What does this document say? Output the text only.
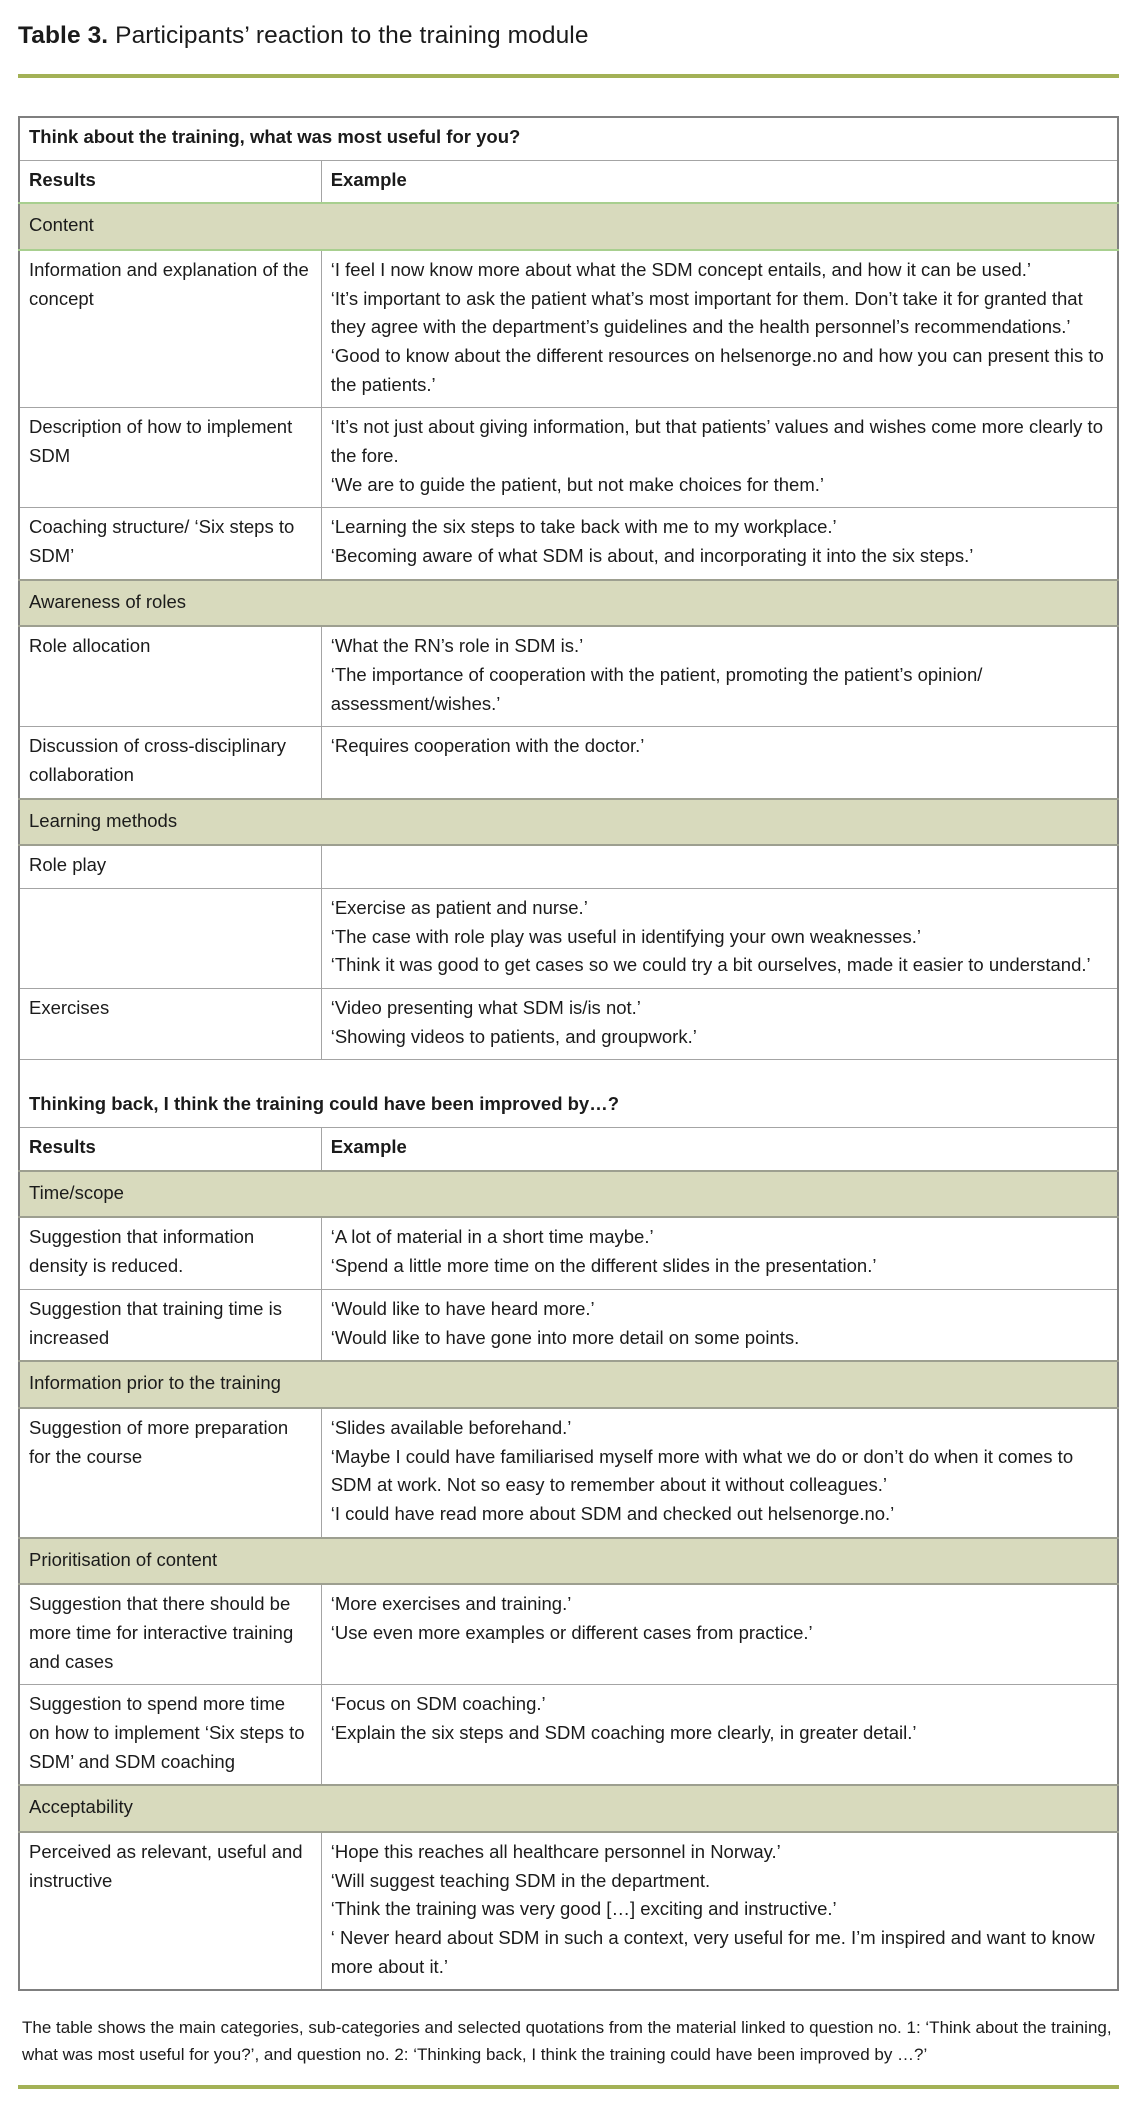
Table 3. Participants’ reaction to the training module
Think about the training, what was most useful for you?	
Results	Example
Content	
Information and explanation of the concept	‘I feel I now know more about what the SDM concept entails, and how it can be used.’
‘It’s important to ask the patient what’s most important for them. Don’t take it for granted that they agree with the department’s guidelines and the health personnel’s recommendations.’
‘Good to know about the different resources on helsenorge.no and how you can present this to the patients.’

Description of how to implement SDM	‘It’s not just about giving information, but that patients’ values and wishes come more clearly to the fore.
‘We are to guide the patient, but not make choices for them.’

Coaching structure/ ‘Six steps to SDM’	‘Learning the six steps to take back with me to my workplace.’
‘Becoming aware of what SDM is about, and incorporating it into the six steps.’

Awareness of roles	
Role allocation	‘What the RN’s role in SDM is.’
‘The importance of cooperation with the patient, promoting the patient’s opinion/ assessment/wishes.’

Discussion of cross-disciplinary collaboration	‘Requires cooperation with the doctor.’

Learning methods	
Role play	

	‘Exercise as patient and nurse.’
‘The case with role play was useful in identifying your own weaknesses.’
‘Think it was good to get cases so we could try a bit ourselves, made it easier to understand.’

Exercises	‘Video presenting what SDM is/is not.’
‘Showing videos to patients, and groupwork.’

Thinking back, I think the training could have been improved by…?	
Results	Example
Time/scope	
Suggestion that information density is reduced.	‘A lot of material in a short time maybe.’
‘Spend a little more time on the different slides in the presentation.’

Suggestion that training time is increased	‘Would like to have heard more.’
‘Would like to have gone into more detail on some points.

Information prior to the training	
Suggestion of more preparation for the course	‘Slides available beforehand.’
‘Maybe I could have familiarised myself more with what we do or don’t do when it comes to SDM at work. Not so easy to remember about it without colleagues.’
‘I could have read more about SDM and checked out helsenorge.no.’

Prioritisation of content	
Suggestion that there should be more time for interactive training and cases	‘More exercises and training.’
‘Use even more examples or different cases from practice.’

Suggestion to spend more time on how to implement ‘Six steps to SDM’ and SDM coaching	‘Focus on SDM coaching.’
‘Explain the six steps and SDM coaching more clearly, in greater detail.’

Acceptability	
Perceived as relevant, useful and instructive	‘Hope this reaches all healthcare personnel in Norway.’
‘Will suggest teaching SDM in the department.
‘Think the training was very good […] exciting and instructive.’
‘ Never heard about SDM in such a context, very useful for me. I’m inspired and want to know more about it.’

The table shows the main categories, sub-categories and selected quotations from the material linked to question no. 1: ‘Think about the training, what was most useful for you?’, and question no. 2: ‘Thinking back, I think the training could have been improved by …?’
